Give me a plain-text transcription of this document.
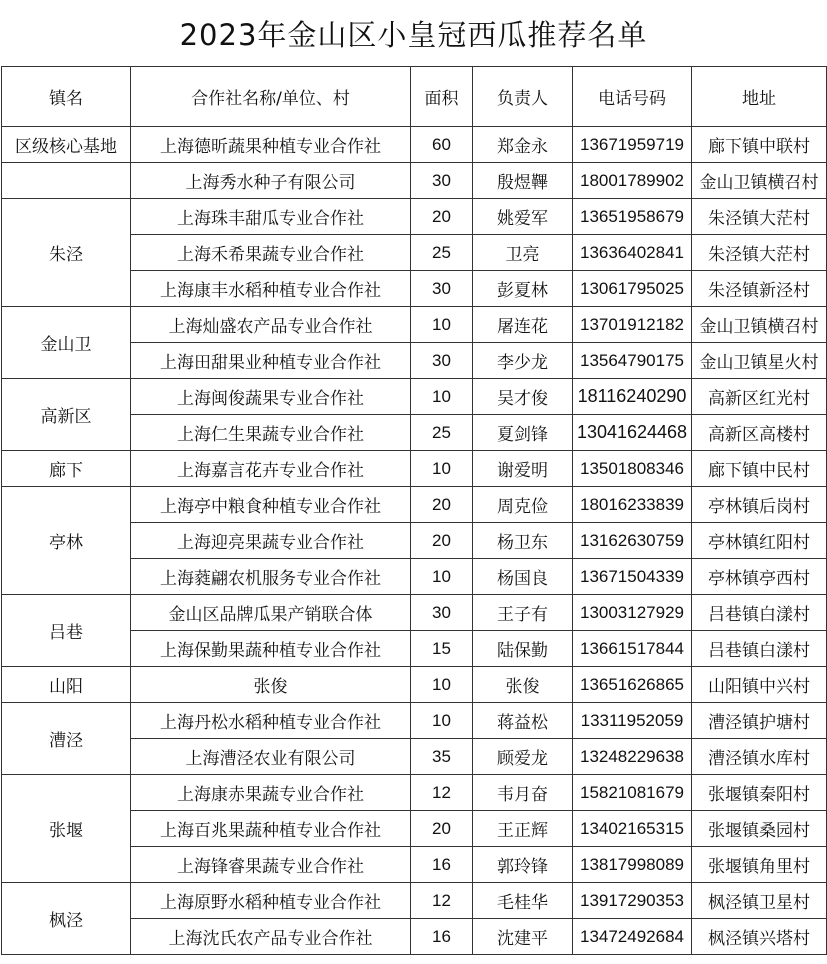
2023年金山区小皇冠西瓜推荐名单
镇名	合作社名称/单位、村	面积	负责人	电话号码	地址
区级核心基地	上海德昕蔬果种植专业合作社	60	郑金永	13671959719	廊下镇中联村
	上海秀水种子有限公司	30	殷煜鞸	18001789902	金山卫镇横召村
朱泾	上海珠丰甜瓜专业合作社	20	姚爱军	13651958679	朱泾镇大茫村
	上海禾希果蔬专业合作社	25	卫亮	13636402841	朱泾镇大茫村
	上海康丰水稻种植专业合作社	30	彭夏林	13061795025	朱泾镇新泾村
金山卫	上海灿盛农产品专业合作社	10	屠连花	13701912182	金山卫镇横召村
	上海田甜果业种植专业合作社	30	李少龙	13564790175	金山卫镇星火村
高新区	上海闽俊蔬果专业合作社	10	吴才俊	18116240290	高新区红光村
	上海仁生果蔬专业合作社	25	夏剑锋	13041624468	高新区高楼村
廊下	上海嘉言花卉专业合作社	10	谢爱明	13501808346	廊下镇中民村
亭林	上海亭中粮食种植专业合作社	20	周克俭	18016233839	亭林镇后岗村
	上海迎亮果蔬专业合作社	20	杨卫东	13162630759	亭林镇红阳村
	上海蕤翩农机服务专业合作社	10	杨国良	13671504339	亭林镇亭西村
吕巷	金山区品牌瓜果产销联合体	30	王子有	13003127929	吕巷镇白漾村
	上海保勤果蔬种植专业合作社	15	陆保勤	13661517844	吕巷镇白漾村
山阳	张俊	10	张俊	13651626865	山阳镇中兴村
漕泾	上海丹松水稻种植专业合作社	10	蒋益松	13311952059	漕泾镇护塘村
	上海漕泾农业有限公司	35	顾爱龙	13248229638	漕泾镇水库村
张堰	上海康赤果蔬专业合作社	12	韦月奋	15821081679	张堰镇秦阳村
	上海百兆果蔬种植专业合作社	20	王正辉	13402165315	张堰镇桑园村
	上海锋睿果蔬专业合作社	16	郭玲锋	13817998089	张堰镇角里村
枫泾	上海原野水稻种植专业合作社	12	毛桂华	13917290353	枫泾镇卫星村
	上海沈氏农产品专业合作社	16	沈建平	13472492684	枫泾镇兴塔村
